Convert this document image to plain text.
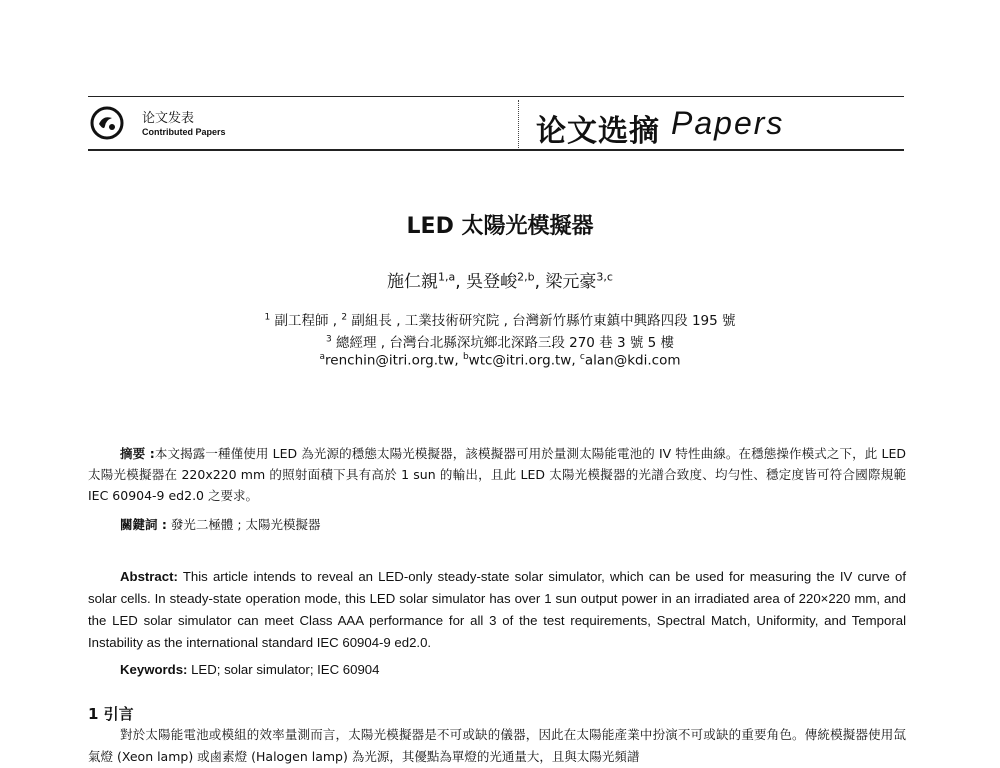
论文发表
Contributed Papers	论文选摘 Papers
LED 太陽光模擬器
施仁親$^{1,a}$, 吳登峻$^{2,b}$, 梁元豪$^{3,c}$
$^1$ 副工程師 , $^2$ 副組長 , 工業技術研究院 , 台灣新竹縣竹東鎮中興路四段 195 號
$^3$ 總經理 , 台灣台北縣深坑鄉北深路三段 270 巷 3 號 5 樓
$^a$renchin@itri.org.tw, $^b$wtc@itri.org.tw, $^c$alan@kdi.com
摘要 :本文揭露一種僅使用 LED 為光源的穩態太陽光模擬器，該模擬器可用於量測太陽能電池的 IV 特性曲線。在穩態操作模式之下，此 LED 太陽光模擬器在 220x220 mm 的照射面積下具有高於 1 sun 的輸出，且此 LED 太陽光模擬器的光譜合致度、均勻性、穩定度皆可符合國際規範 IEC 60904-9 ed2.0 之要求。
關鍵詞 : 發光二極體 ; 太陽光模擬器
Abstract: This article intends to reveal an LED-only steady-state solar simulator, which can be used for measuring the IV curve of solar cells. In steady-state operation mode, this LED solar simulator has over 1 sun output power in an irradiated area of 220×220 mm, and the LED solar simulator can meet Class AAA performance for all 3 of the test requirements, Spectral Match, Uniformity, and Temporal Instability as the international standard IEC 60904-9 ed2.0.
Keywords: LED; solar simulator; IEC 60904
1 引言
對於太陽能電池或模組的效率量測而言，太陽光模擬器是不可或缺的儀器，因此在太陽能產業中扮演不可或缺的重要角色。傳統模擬器使用氙氣燈 (Xeon lamp) 或鹵素燈 (Halogen lamp) 為光源，其優點為單燈的光通量大，且與太陽光頻譜
